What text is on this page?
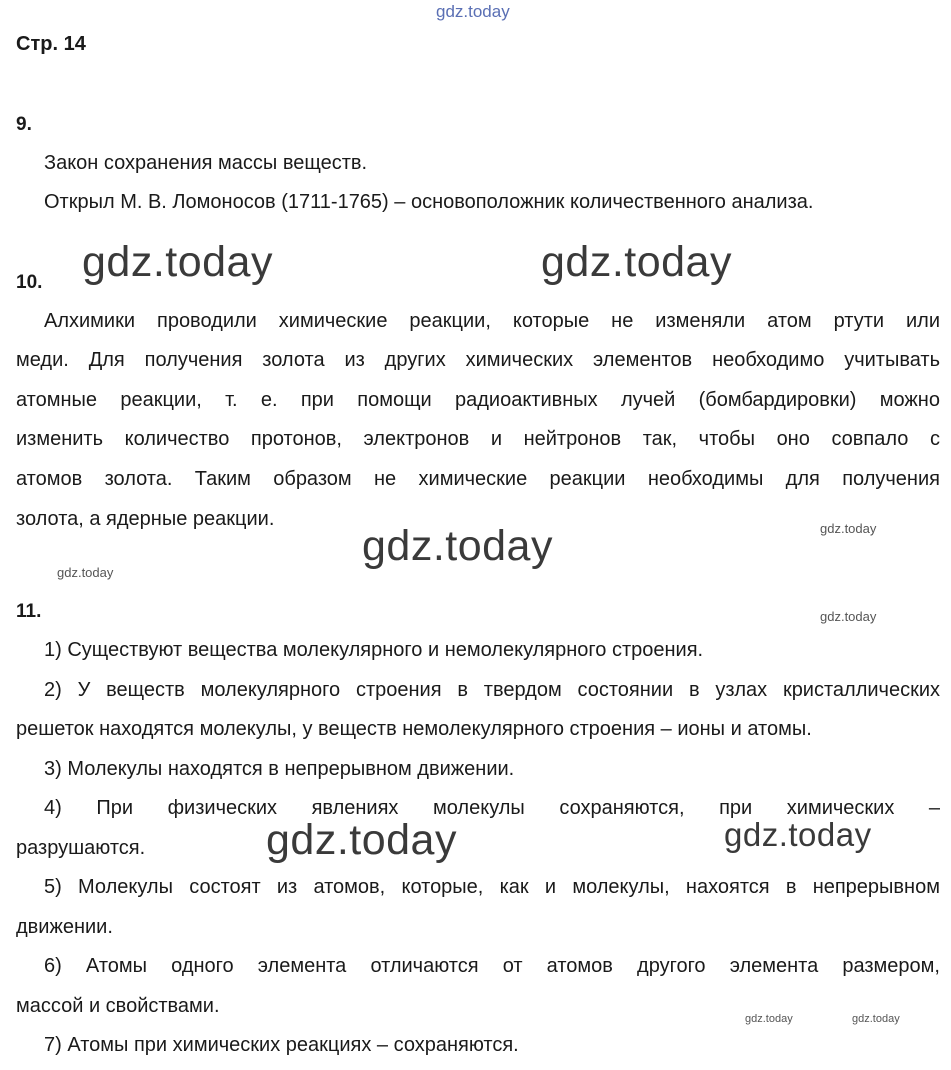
gdz.today
gdz.today	gdz.today
gdz.today
gdz.today	gdz.today
gdz.today
gdz.today
gdz.today
gdz.today	gdz.today
Стр. 14
9.
Закон сохранения массы веществ.
Открыл М. В. Ломоносов (1711-1765) – основоположник количественного анализа.
10.
Алхимики проводили химические реакции, которые не изменяли атом ртути или
меди. Для получения золота из других химических элементов необходимо учитывать
атомные реакции, т. е. при помощи радиоактивных лучей (бомбардировки) можно
изменить количество протонов, электронов и нейтронов так, чтобы оно совпало с
атомов золота. Таким образом не химические реакции необходимы для получения
золота, а ядерные реакции.
11.
1) Существуют вещества молекулярного и немолекулярного строения.
2) У веществ молекулярного строения в твердом состоянии в узлах кристаллических
решеток находятся молекулы, у веществ немолекулярного строения – ионы и атомы.
3) Молекулы находятся в непрерывном движении.
4) При физических явлениях молекулы сохраняются, при химических –
разрушаются.
5) Молекулы состоят из атомов, которые, как и молекулы, нахоятся в непрерывном
движении.
6) Атомы одного элемента отличаются от атомов другого элемента размером,
массой и свойствами.
7) Атомы при химических реакциях – сохраняются.
